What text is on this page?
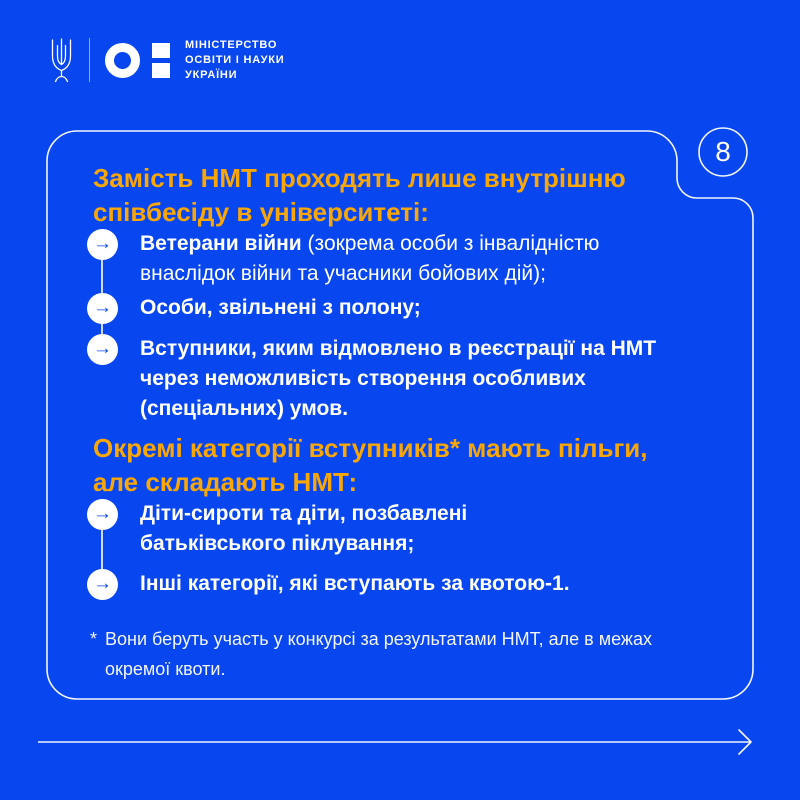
МІНІСТЕРСТВО
ОСВІТИ І НАУКИ
УКРАЇНИ
8
Замість НМТ проходять лише внутрішню
співбесіду в університеті:
→ Ветерани війни (зокрема особи з інвалідністю
внаслідок війни та учасники бойових дій);
→ Особи, звільнені з полону;
→ Вступники, яким відмовлено в реєстрації на НМТ
через неможливість створення особливих
(спеціальних) умов.
Окремі категорії вступників* мають пільги,
але складають НМТ:
→ Діти-сироти та діти, позбавлені
батьківського піклування;
→ Інші категорії, які вступають за квотою-1.
* Вони беруть участь у конкурсі за результатами НМТ, але в межах
окремої квоти.
